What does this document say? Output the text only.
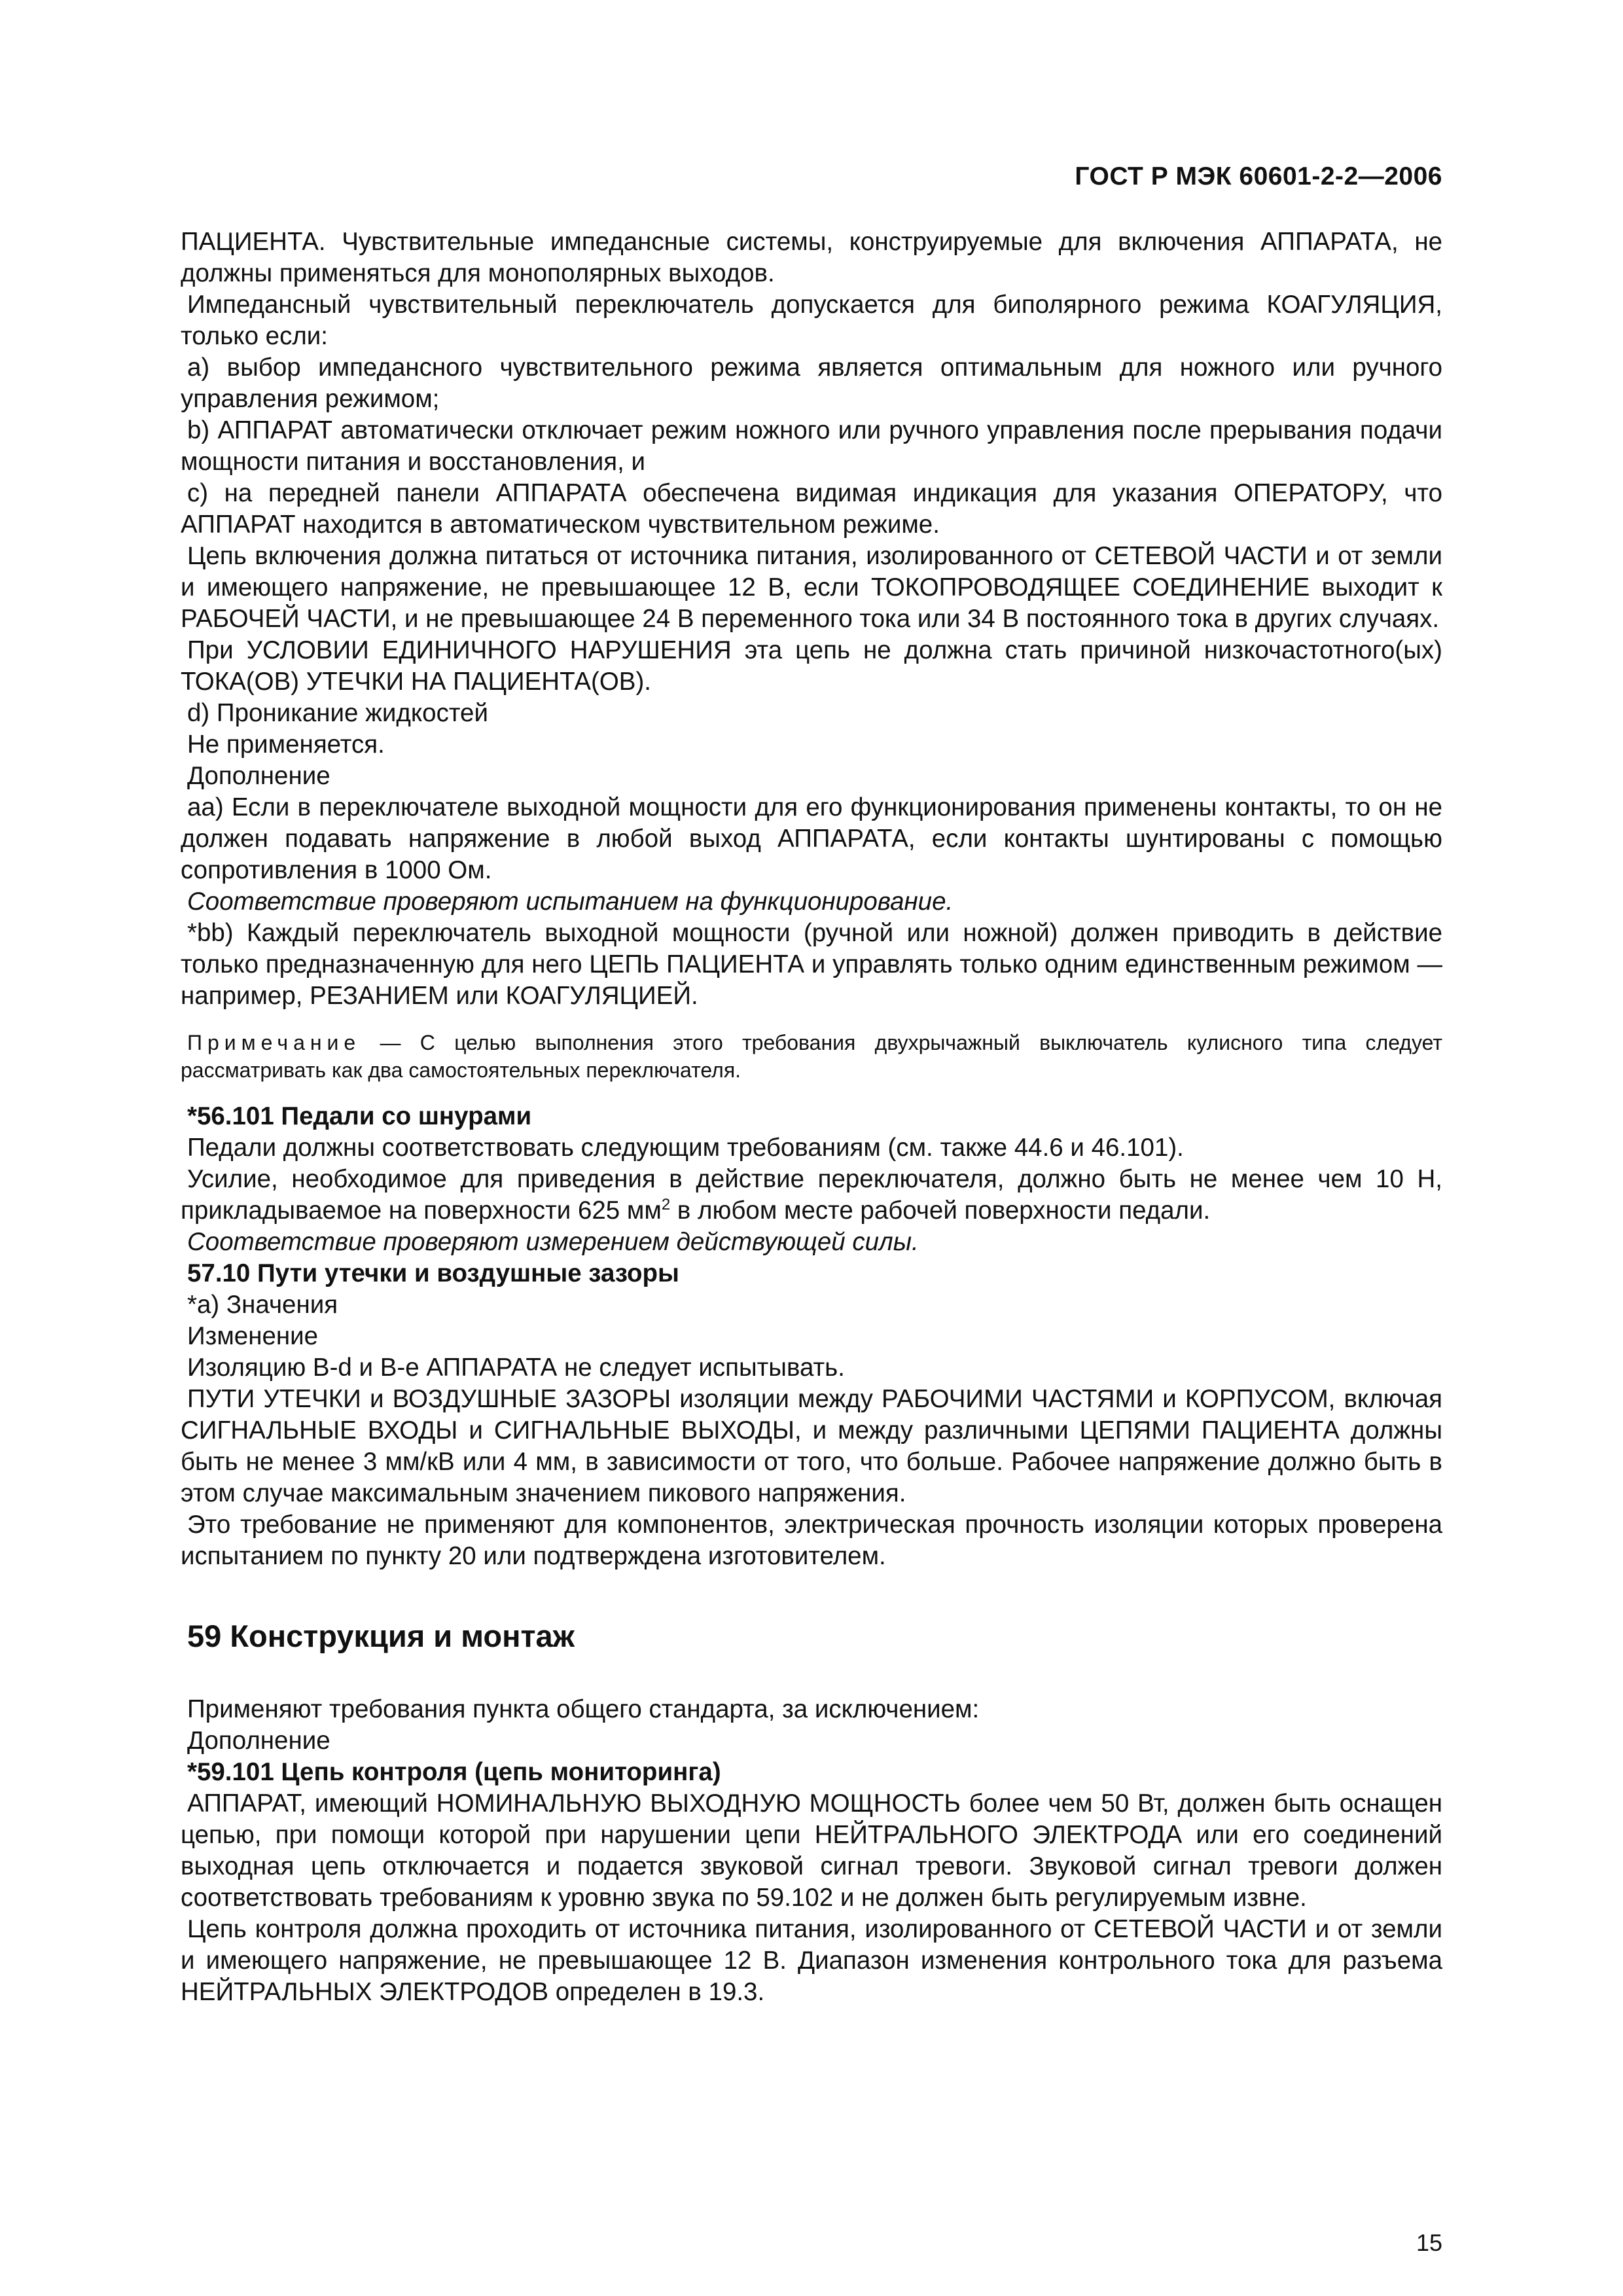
ГОСТ Р МЭК 60601-2-2—2006

ПАЦИЕНТА. Чувствительные импедансные системы, конструируемые для включения АППАРАТА, не должны применяться для монополярных выходов.

Импедансный чувствительный переключатель допускается для биполярного режима КОАГУЛЯЦИЯ, только если:

a) выбор импедансного чувствительного режима является оптимальным для ножного или ручного управления режимом;

b) АППАРАТ автоматически отключает режим ножного или ручного управления после прерывания подачи мощности питания и восстановления, и

c) на передней панели АППАРАТА обеспечена видимая индикация для указания ОПЕРАТОРУ, что АППАРАТ находится в автоматическом чувствительном режиме.

Цепь включения должна питаться от источника питания, изолированного от СЕТЕВОЙ ЧАСТИ и от земли и имеющего напряжение, не превышающее 12 В, если ТОКОПРОВОДЯЩЕЕ СОЕДИНЕНИЕ выходит к РАБОЧЕЙ ЧАСТИ, и не превышающее 24 В переменного тока или 34 В постоянного тока в других случаях.

При УСЛОВИИ ЕДИНИЧНОГО НАРУШЕНИЯ эта цепь не должна стать причиной низкочастотного(ых) ТОКА(ОВ) УТЕЧКИ НА ПАЦИЕНТА(ОВ).

d) Проникание жидкостей

Не применяется.

Дополнение

aa) Если в переключателе выходной мощности для его функционирования применены контакты, то он не должен подавать напряжение в любой выход АППАРАТА, если контакты шунтированы с помощью сопротивления в 1000 Ом.

Соответствие проверяют испытанием на функционирование.

*bb) Каждый переключатель выходной мощности (ручной или ножной) должен приводить в действие только предназначенную для него ЦЕПЬ ПАЦИЕНТА и управлять только одним единственным режимом — например, РЕЗАНИЕМ или КОАГУЛЯЦИЕЙ.

Примечание — С целью выполнения этого требования двухрычажный выключатель кулисного типа следует рассматривать как два самостоятельных переключателя.

*56.101 Педали со шнурами

Педали должны соответствовать следующим требованиям (см. также 44.6 и 46.101).

Усилие, необходимое для приведения в действие переключателя, должно быть не менее чем 10 Н, прикладываемое на поверхности 625 $мм^2$ в любом месте рабочей поверхности педали.

Соответствие проверяют измерением действующей силы.

57.10 Пути утечки и воздушные зазоры

*a) Значения

Изменение

Изоляцию B-d и B-e АППАРАТА не следует испытывать.

ПУТИ УТЕЧКИ и ВОЗДУШНЫЕ ЗАЗОРЫ изоляции между РАБОЧИМИ ЧАСТЯМИ и КОРПУСОМ, включая СИГНАЛЬНЫЕ ВХОДЫ и СИГНАЛЬНЫЕ ВЫХОДЫ, и между различными ЦЕПЯМИ ПАЦИЕНТА должны быть не менее 3 мм/кВ или 4 мм, в зависимости от того, что больше. Рабочее напряжение должно быть в этом случае максимальным значением пикового напряжения.

Это требование не применяют для компонентов, электрическая прочность изоляции которых проверена испытанием по пункту 20 или подтверждена изготовителем.

59 Конструкция и монтаж

Применяют требования пункта общего стандарта, за исключением:

Дополнение

*59.101 Цепь контроля (цепь мониторинга)

АППАРАТ, имеющий НОМИНАЛЬНУЮ ВЫХОДНУЮ МОЩНОСТЬ более чем 50 Вт, должен быть оснащен цепью, при помощи которой при нарушении цепи НЕЙТРАЛЬНОГО ЭЛЕКТРОДА или его соединений выходная цепь отключается и подается звуковой сигнал тревоги. Звуковой сигнал тревоги должен соответствовать требованиям к уровню звука по 59.102 и не должен быть регулируемым извне.

Цепь контроля должна проходить от источника питания, изолированного от СЕТЕВОЙ ЧАСТИ и от земли и имеющего напряжение, не превышающее 12 В. Диапазон изменения контрольного тока для разъема НЕЙТРАЛЬНЫХ ЭЛЕКТРОДОВ определен в 19.3.

15
